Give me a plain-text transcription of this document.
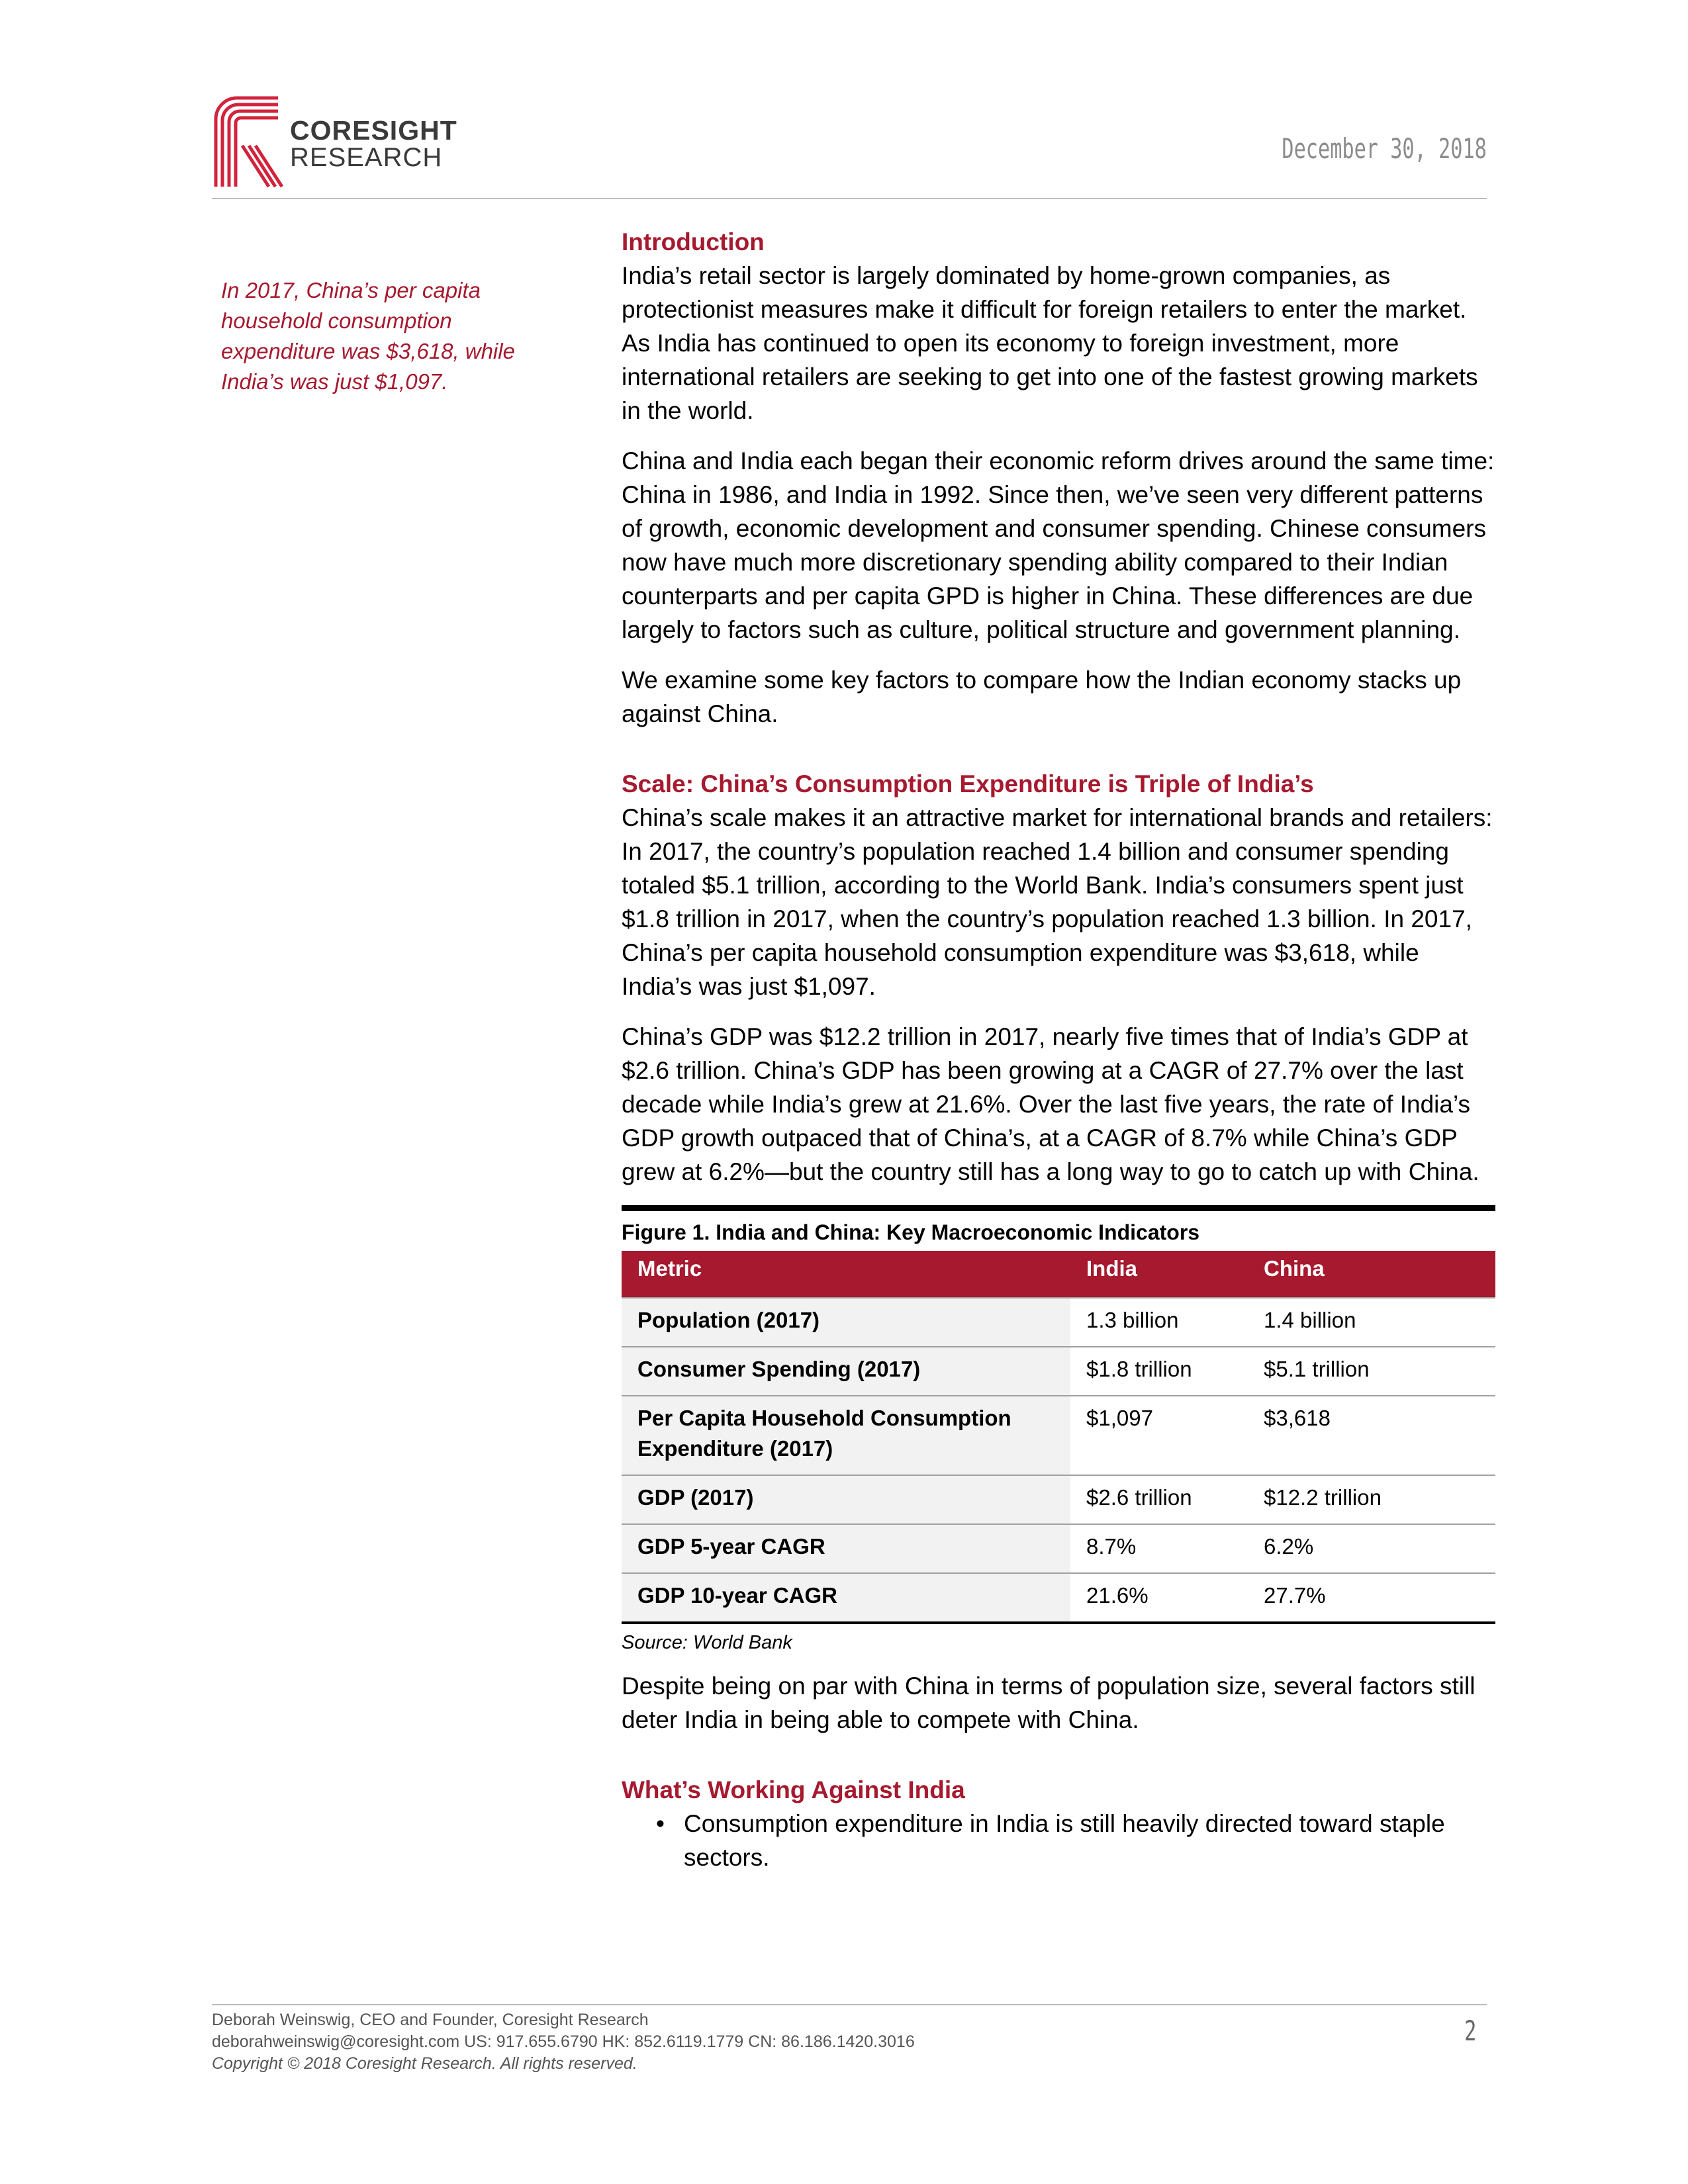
CORESIGHT
RESEARCH	December 30, 2018
In 2017, China’s per capita household consumption expenditure was $3,618, while India’s was just $1,097.
Introduction

India’s retail sector is largely dominated by home-grown companies, as protectionist measures make it difficult for foreign retailers to enter the market. As India has continued to open its economy to foreign investment, more international retailers are seeking to get into one of the fastest growing markets in the world.

China and India each began their economic reform drives around the same time: China in 1986, and India in 1992. Since then, we’ve seen very different patterns of growth, economic development and consumer spending. Chinese consumers now have much more discretionary spending ability compared to their Indian counterparts and per capita GPD is higher in China. These differences are due largely to factors such as culture, political structure and government planning.

We examine some key factors to compare how the Indian economy stacks up against China.

Scale: China’s Consumption Expenditure is Triple of India’s

China’s scale makes it an attractive market for international brands and retailers: In 2017, the country’s population reached 1.4 billion and consumer spending totaled $5.1 trillion, according to the World Bank. India’s consumers spent just $1.8 trillion in 2017, when the country’s population reached 1.3 billion. In 2017, China’s per capita household consumption expenditure was $3,618, while India’s was just $1,097.

China’s GDP was $12.2 trillion in 2017, nearly five times that of India’s GDP at $2.6 trillion. China’s GDP has been growing at a CAGR of 27.7% over the last decade while India’s grew at 21.6%. Over the last five years, the rate of India’s GDP growth outpaced that of China’s, at a CAGR of 8.7% while China’s GDP grew at 6.2%—but the country still has a long way to go to catch up with China.

Figure 1. India and China: Key Macroeconomic Indicators
Metric	India	China
Population (2017)	1.3 billion	1.4 billion
Consumer Spending (2017)	$1.8 trillion	$5.1 trillion
Per Capita Household Consumption Expenditure (2017)	$1,097	$3,618
GDP (2017)	$2.6 trillion	$12.2 trillion
GDP 5-year CAGR	8.7%	6.2%
GDP 10-year CAGR	21.6%	27.7%
Source: World Bank

Despite being on par with China in terms of population size, several factors still deter India in being able to compete with China.

What’s Working Against India
• Consumption expenditure in India is still heavily directed toward staple sectors.
Deborah Weinswig, CEO and Founder, Coresight Research
deborahweinswig@coresight.com US: 917.655.6790 HK: 852.6119.1779 CN: 86.186.1420.3016
Copyright © 2018 Coresight Research. All rights reserved.
2
